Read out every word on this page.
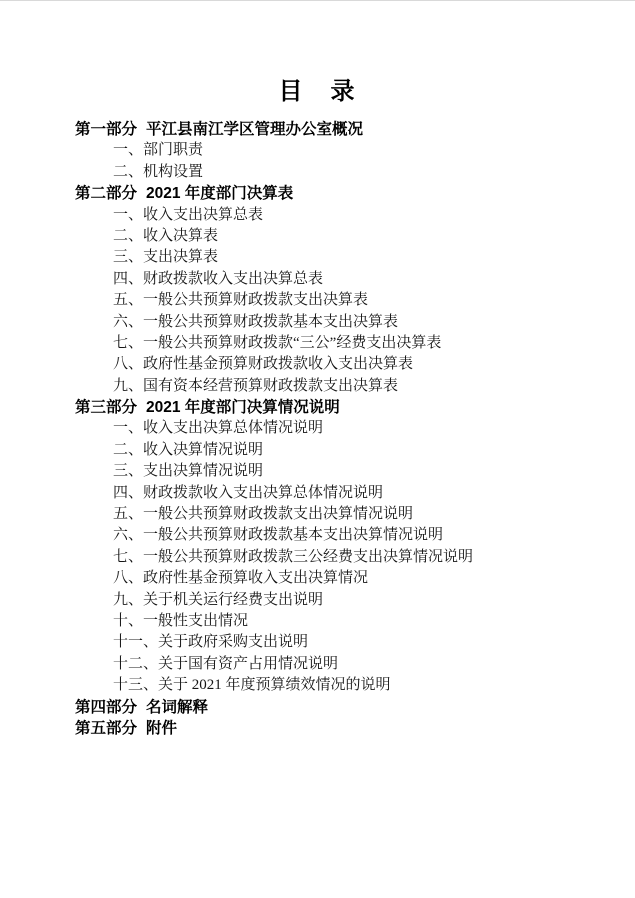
目　录
第一部分 平江县南江学区管理办公室概况
一、部门职责
二、机构设置
第二部分 2021 年度部门决算表
一、收入支出决算总表
二、收入决算表
三、支出决算表
四、财政拨款收入支出决算总表
五、一般公共预算财政拨款支出决算表
六、一般公共预算财政拨款基本支出决算表
七、一般公共预算财政拨款“三公”经费支出决算表
八、政府性基金预算财政拨款收入支出决算表
九、国有资本经营预算财政拨款支出决算表
第三部分 2021 年度部门决算情况说明
一、收入支出决算总体情况说明
二、收入决算情况说明
三、支出决算情况说明
四、财政拨款收入支出决算总体情况说明
五、一般公共预算财政拨款支出决算情况说明
六、一般公共预算财政拨款基本支出决算情况说明
七、一般公共预算财政拨款三公经费支出决算情况说明
八、政府性基金预算收入支出决算情况
九、关于机关运行经费支出说明
十、一般性支出情况
十一、关于政府采购支出说明
十二、关于国有资产占用情况说明
十三、关于 2021 年度预算绩效情况的说明
第四部分 名词解释
第五部分 附件
